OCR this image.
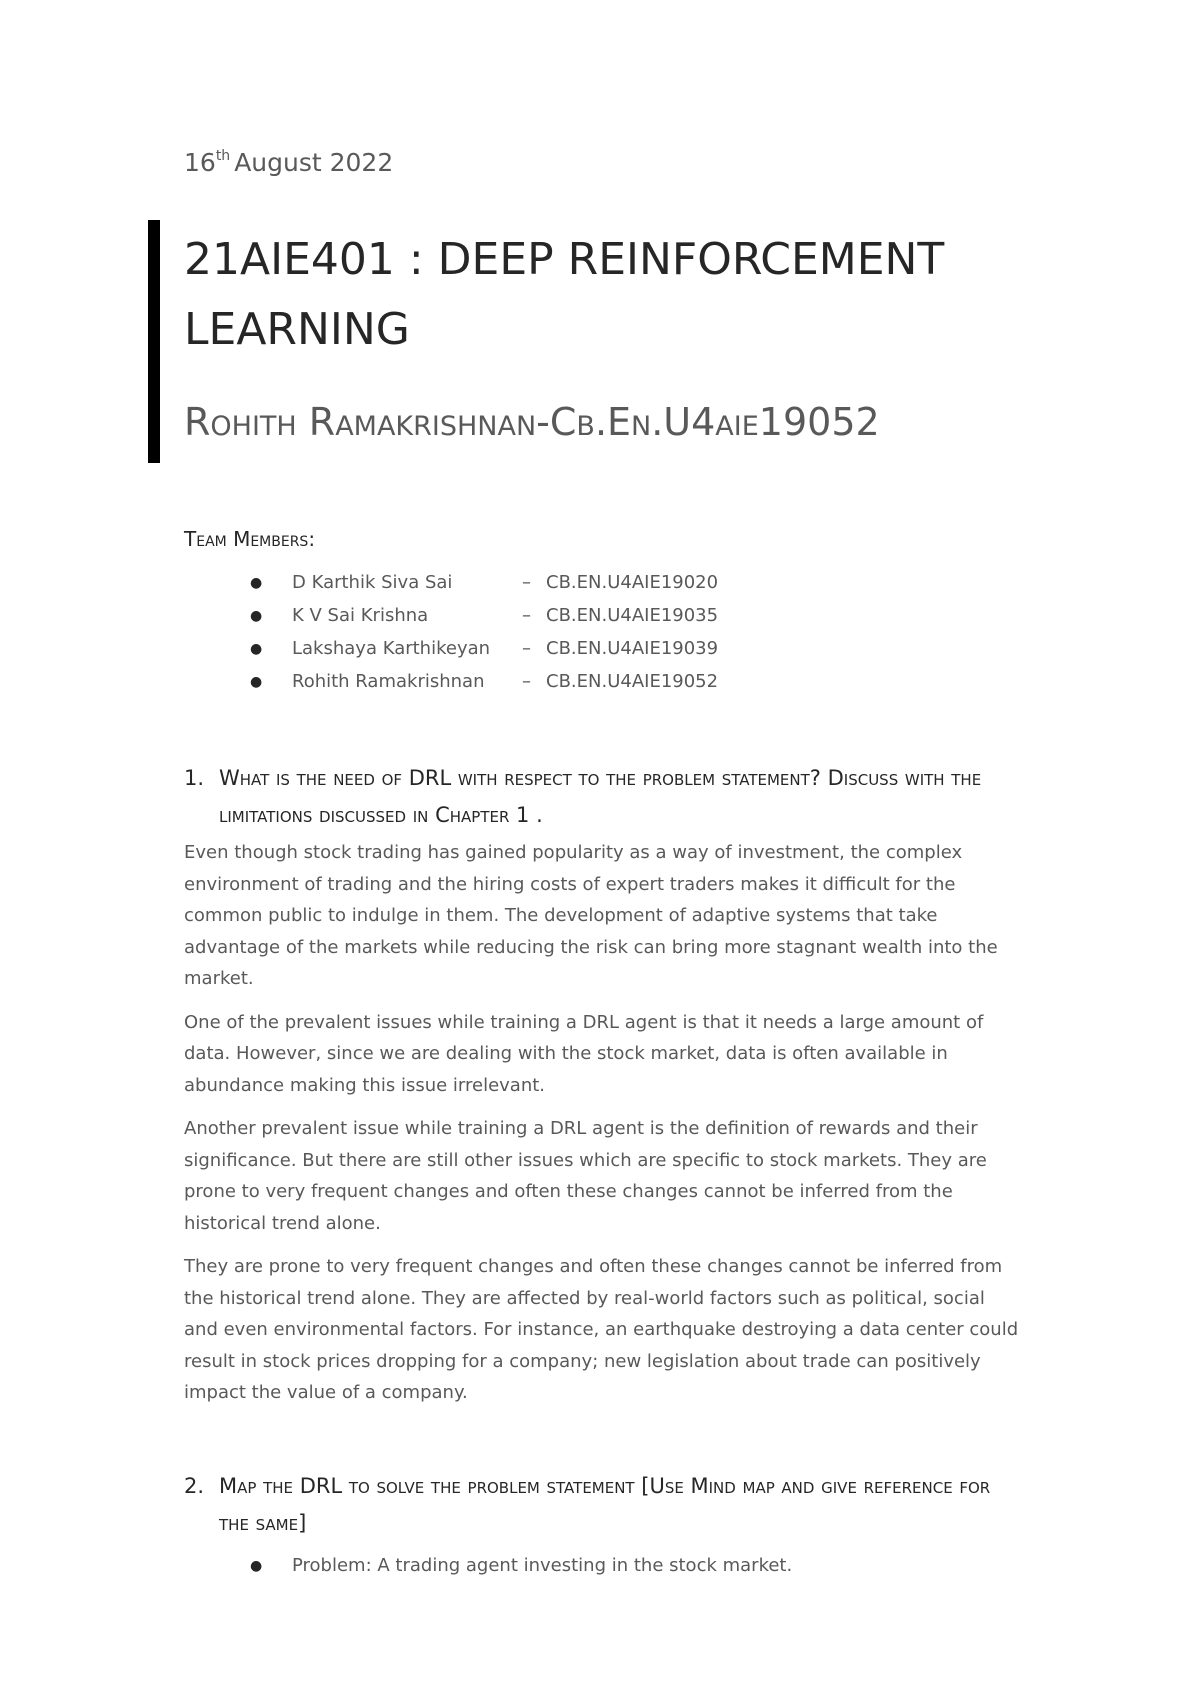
16th August 2022
21AIE401 : DEEP REINFORCEMENT LEARNING
Rohith Ramakrishnan-Cb.En.U4aie19052
Team Members:
●	D Karthik Siva Sai	– CB.EN.U4AIE19020
●	K V Sai Krishna	– CB.EN.U4AIE19035
●	Lakshaya Karthikeyan	– CB.EN.U4AIE19039
●	Rohith Ramakrishnan	– CB.EN.U4AIE19052
1. What is the need of DRL with respect to the problem statement? Discuss with the limitations discussed in Chapter 1 .

Even though stock trading has gained popularity as a way of investment, the complex environment of trading and the hiring costs of expert traders makes it difficult for the common public to indulge in them. The development of adaptive systems that take advantage of the markets while reducing the risk can bring more stagnant wealth into the market.

One of the prevalent issues while training a DRL agent is that it needs a large amount of data. However, since we are dealing with the stock market, data is often available in abundance making this issue irrelevant.

Another prevalent issue while training a DRL agent is the definition of rewards and their significance. But there are still other issues which are specific to stock markets. They are prone to very frequent changes and often these changes cannot be inferred from the historical trend alone.

They are prone to very frequent changes and often these changes cannot be inferred from the historical trend alone. They are affected by real-world factors such as political, social and even environmental factors. For instance, an earthquake destroying a data center could result in stock prices dropping for a company; new legislation about trade can positively impact the value of a company.

2. Map the DRL to solve the problem statement [Use Mind map and give reference for the same]
●	Problem: A trading agent investing in the stock market.
